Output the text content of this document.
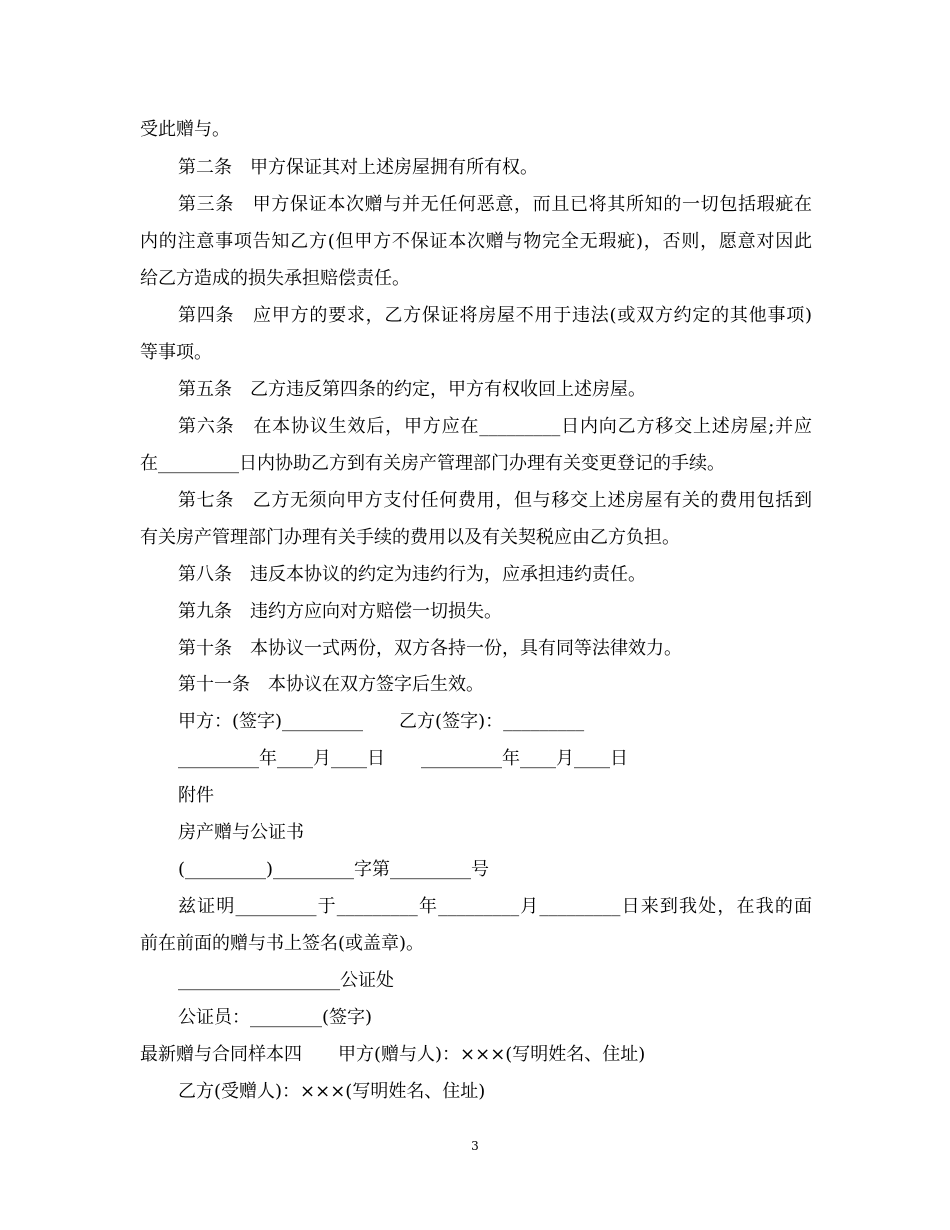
受此赠与。
第二条　甲方保证其对上述房屋拥有所有权。
第三条　甲方保证本次赠与并无任何恶意，而且已将其所知的一切包括瑕疵在
内的注意事项告知乙方(但甲方不保证本次赠与物完全无瑕疵)，否则，愿意对因此
给乙方造成的损失承担赔偿责任。
第四条　应甲方的要求，乙方保证将房屋不用于违法(或双方约定的其他事项)
等事项。
第五条　乙方违反第四条的约定，甲方有权收回上述房屋。
第六条　在本协议生效后，甲方应在_________日内向乙方移交上述房屋;并应
在_________日内协助乙方到有关房产管理部门办理有关变更登记的手续。
第七条　乙方无须向甲方支付任何费用，但与移交上述房屋有关的费用包括到
有关房产管理部门办理有关手续的费用以及有关契税应由乙方负担。
第八条　违反本协议的约定为违约行为，应承担违约责任。
第九条　违约方应向对方赔偿一切损失。
第十条　本协议一式两份，双方各持一份，具有同等法律效力。
第十一条　本协议在双方签字后生效。
甲方：(签字)_________　　乙方(签字)：_________
_________年____月____日　　_________年____月____日
附件
房产赠与公证书
(_________)_________字第_________号
兹证明_________于_________年_________月_________日来到我处，在我的面
前在前面的赠与书上签名(或盖章)。
__________________公证处
公证员：________(签字)
最新赠与合同样本四　　甲方(赠与人)：×××(写明姓名、住址)
乙方(受赠人)：×××(写明姓名、住址)
3
